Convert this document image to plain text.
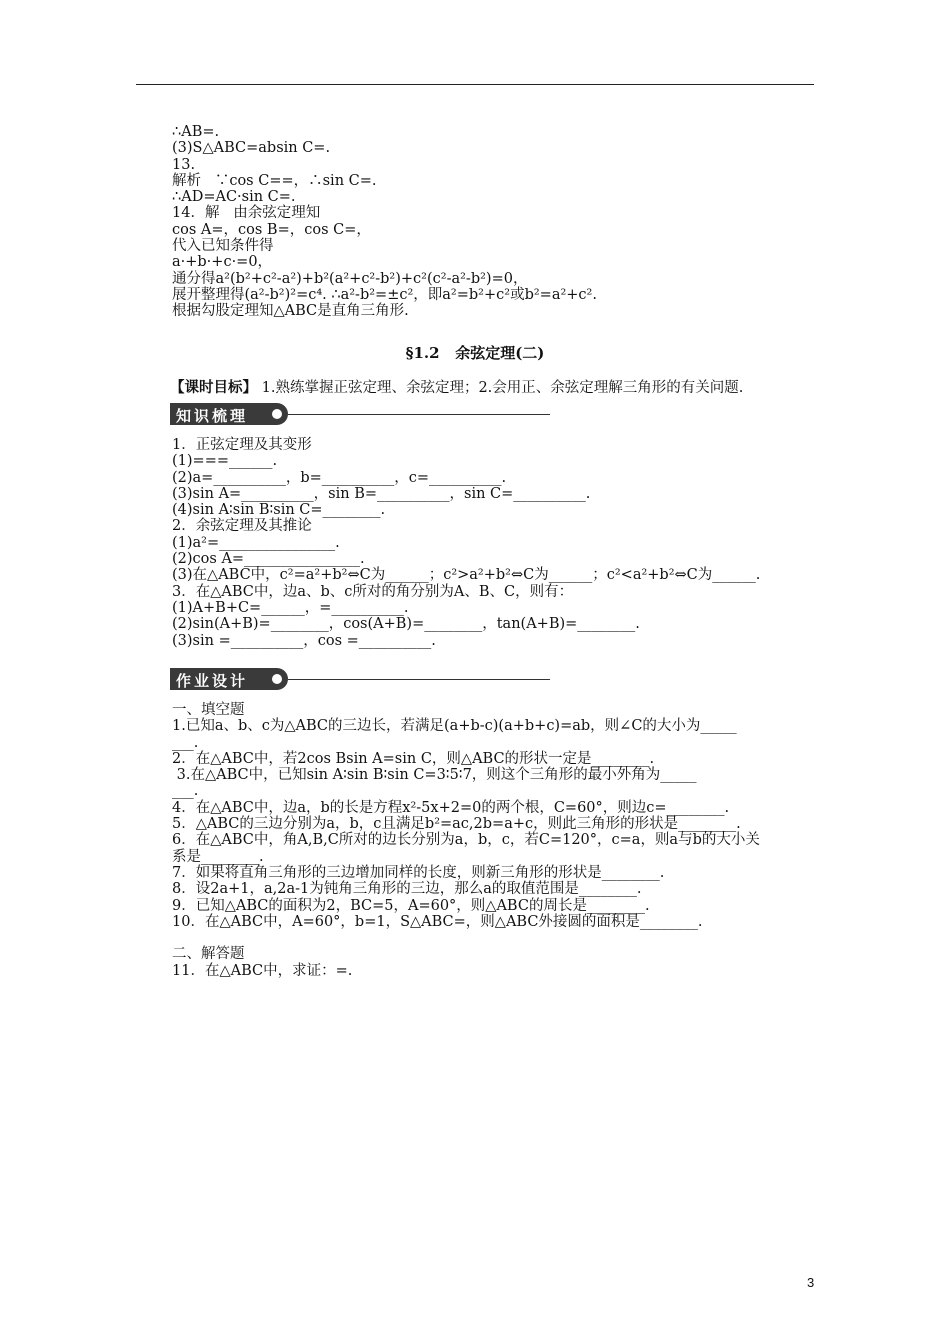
∴AB=.
(3)S△ABC=absin C=.
13.
解析   ∵cos C==，∴sin C=.
∴AD=AC·sin C=.
14．解   由余弦定理知
cos A=，cos B=，cos C=，
代入已知条件得
a·+b·+c·=0，
通分得a²(b²+c²-a²)+b²(a²+c²-b²)+c²(c²-a²-b²)=0，
展开整理得(a²-b²)²=c⁴. ∴a²-b²=±c²，即a²=b²+c²或b²=a²+c².
根据勾股定理知△ABC是直角三角形.
§1.2   余弦定理(二)
【课时目标】 1.熟练掌握正弦定理、余弦定理；2.会用正、余弦定理解三角形的有关问题.
知识梳理
1．正弦定理及其变形
(1)===______.
(2)a=__________，b=__________，c=__________.
(3)sin A=__________，sin B=__________，sin C=__________.
(4)sin A∶sin B∶sin C=________.
2．余弦定理及其推论
(1)a²=________________.
(2)cos A=________________.
(3)在△ABC中，c²=a²+b²⇔C为______；c²>a²+b²⇔C为______；c²<a²+b²⇔C为______.
3．在△ABC中，边a、b、c所对的角分别为A、B、C，则有：
(1)A+B+C=______，=__________.
(2)sin(A+B)=________，cos(A+B)=________，tan(A+B)=________.
(3)sin =__________，cos =__________.
作业设计
一、填空题
1.已知a、b、c为△ABC的三边长，若满足(a+b-c)(a+b+c)=ab，则∠C的大小为_____
___.
2．在△ABC中，若2cos Bsin A=sin C，则△ABC的形状一定是________.
3.在△ABC中，已知sin A∶sin B∶sin C=3∶5∶7，则这个三角形的最小外角为_____
___.
4．在△ABC中，边a，b的长是方程x²-5x+2=0的两个根，C=60°，则边c=________.
5．△ABC的三边分别为a，b，c且满足b²=ac,2b=a+c，则此三角形的形状是________.
6．在△ABC中，角A,B,C所对的边长分别为a，b，c，若C=120°，c=a，则a与b的大小关
系是________.
7．如果将直角三角形的三边增加同样的长度，则新三角形的形状是________.
8．设2a+1，a,2a-1为钝角三角形的三边，那么a的取值范围是________.
9．已知△ABC的面积为2，BC=5，A=60°，则△ABC的周长是________.
10．在△ABC中，A=60°，b=1，S△ABC=，则△ABC外接圆的面积是________.

二、解答题
11．在△ABC中，求证：=.
3
